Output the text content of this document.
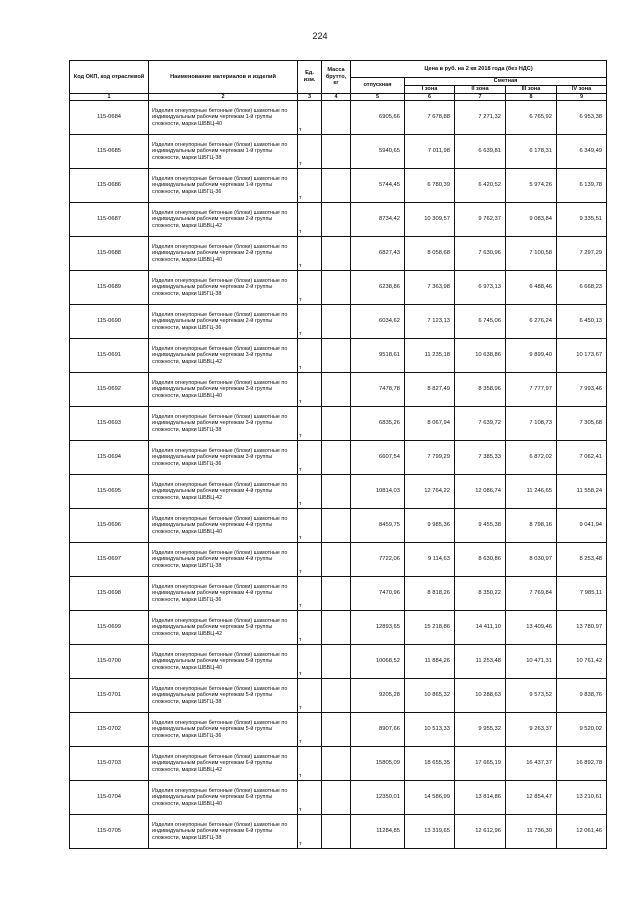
224
Код ОКП, код отраслевой	Наименование материалов и изделий	Ед. изм.	Масса брутто, кг	Цена в руб. на 2 кв 2018 года (без НДС)				
				отпускная	Сметная			
					I зона	II зона	III зона	IV зона
1	2	3	4	5	6	7	8	9
115-0684	Изделия огнеупорные бетонные (блоки) шамотные по индивидуальным рабочим чертежам 1-й группы сложности, марки ШБВЦ-40	т		6905,66	7 678,88	7 271,32	6 765,92	6 953,38
115-0685	Изделия огнеупорные бетонные (блоки) шамотные по индивидуальным рабочим чертежам 1-й группы сложности, марки ШБГЦ-38	т		5940,65	7 011,98	6 639,81	6 178,31	6 349,49
115-0686	Изделия огнеупорные бетонные (блоки) шамотные по индивидуальным рабочим чертежам 1-й группы сложности, марки ШБГЦ-36	т		5744,45	6 780,39	6 420,52	5 974,26	6 139,78
115-0687	Изделия огнеупорные бетонные (блоки) шамотные по индивидуальным рабочим чертежам 2-й группы сложности, марки ШБВЦ-42	т		8734,42	10 309,57	9 762,37	9 083,84	9 335,51
115-0688	Изделия огнеупорные бетонные (блоки) шамотные по индивидуальным рабочим чертежам 2-й группы сложности, марки ШБВЦ-40	т		6827,43	8 058,68	7 630,96	7 100,58	7 297,29
115-0689	Изделия огнеупорные бетонные (блоки) шамотные по индивидуальным рабочим чертежам 2-й группы сложности, марки ШБГЦ-38	т		6238,86	7 363,98	6 973,13	6 488,46	6 668,23
115-0690	Изделия огнеупорные бетонные (блоки) шамотные по индивидуальным рабочим чертежам 2-й группы сложности, марки ШБГЦ-36	т		6034,62	7 123,13	6 745,06	6 276,24	6 450,13
115-0691	Изделия огнеупорные бетонные (блоки) шамотные по индивидуальным рабочим чертежам 3-й группы сложности, марки ШБВЦ-42	т		9518,61	11 235,18	10 638,86	9 899,40	10 173,67
115-0692	Изделия огнеупорные бетонные (блоки) шамотные по индивидуальным рабочим чертежам 3-й группы сложности, марки ШБВЦ-40	т		7478,78	8 827,49	8 358,96	7 777,97	7 993,46
115-0693	Изделия огнеупорные бетонные (блоки) шамотные по индивидуальным рабочим чертежам 3-й группы сложности, марки ШБГЦ-38	т		6835,26	8 067,94	7 639,72	7 108,73	7 305,68
115-0694	Изделия огнеупорные бетонные (блоки) шамотные по индивидуальным рабочим чертежам 3-й группы сложности, марки ШБГЦ-36	т		6607,54	7 799,29	7 385,33	6 872,02	7 062,41
115-0695	Изделия огнеупорные бетонные (блоки) шамотные по индивидуальным рабочим чертежам 4-й группы сложности, марки ШБВЦ-42	т		10814,03	12 764,22	12 086,74	11 246,65	11 558,24
115-0696	Изделия огнеупорные бетонные (блоки) шамотные по индивидуальным рабочим чертежам 4-й группы сложности, марки ШБВЦ-40	т		8459,75	9 985,36	9 455,38	8 798,16	9 041,94
115-0697	Изделия огнеупорные бетонные (блоки) шамотные по индивидуальным рабочим чертежам 4-й группы сложности, марки ШБГЦ-38	т		7722,06	9 114,63	8 630,86	8 030,97	8 253,48
115-0698	Изделия огнеупорные бетонные (блоки) шамотные по индивидуальным рабочим чертежам 4-й группы сложности, марки ШБГЦ-36	т		7470,96	8 818,26	8 350,22	7 769,84	7 985,11
115-0699	Изделия огнеупорные бетонные (блоки) шамотные по индивидуальным рабочим чертежам 5-й группы сложности, марки ШБВЦ-42	т		12893,65	15 218,86	14 411,10	13 409,46	13 780,97
115-0700	Изделия огнеупорные бетонные (блоки) шамотные по индивидуальным рабочим чертежам 5-й группы сложности, марки ШБВЦ-40	т		10068,52	11 884,26	11 253,48	10 471,31	10 761,42
115-0701	Изделия огнеупорные бетонные (блоки) шамотные по индивидуальным рабочим чертежам 5-й группы сложности, марки ШБГЦ-38	т		9205,28	10 865,32	10 288,63	9 573,52	9 838,76
115-0702	Изделия огнеупорные бетонные (блоки) шамотные по индивидуальным рабочим чертежам 5-й группы сложности, марки ШБГЦ-36	т		8907,66	10 513,33	9 955,32	9 263,37	9 520,02
115-0703	Изделия огнеупорные бетонные (блоки) шамотные по индивидуальным рабочим чертежам 6-й группы сложности, марки ШБВЦ-42	т		15805,09	18 655,35	17 665,19	16 437,37	16 892,78
115-0704	Изделия огнеупорные бетонные (блоки) шамотные по индивидуальным рабочим чертежам 6-й группы сложности, марки ШБВЦ-40	т		12350,01	14 586,99	13 814,86	12 854,47	13 210,61
115-0705	Изделия огнеупорные бетонные (блоки) шамотные по индивидуальным рабочим чертежам 6-й группы сложности, марки ШБГЦ-38	т		11284,85	13 319,65	12 612,96	11 736,30	12 061,46
